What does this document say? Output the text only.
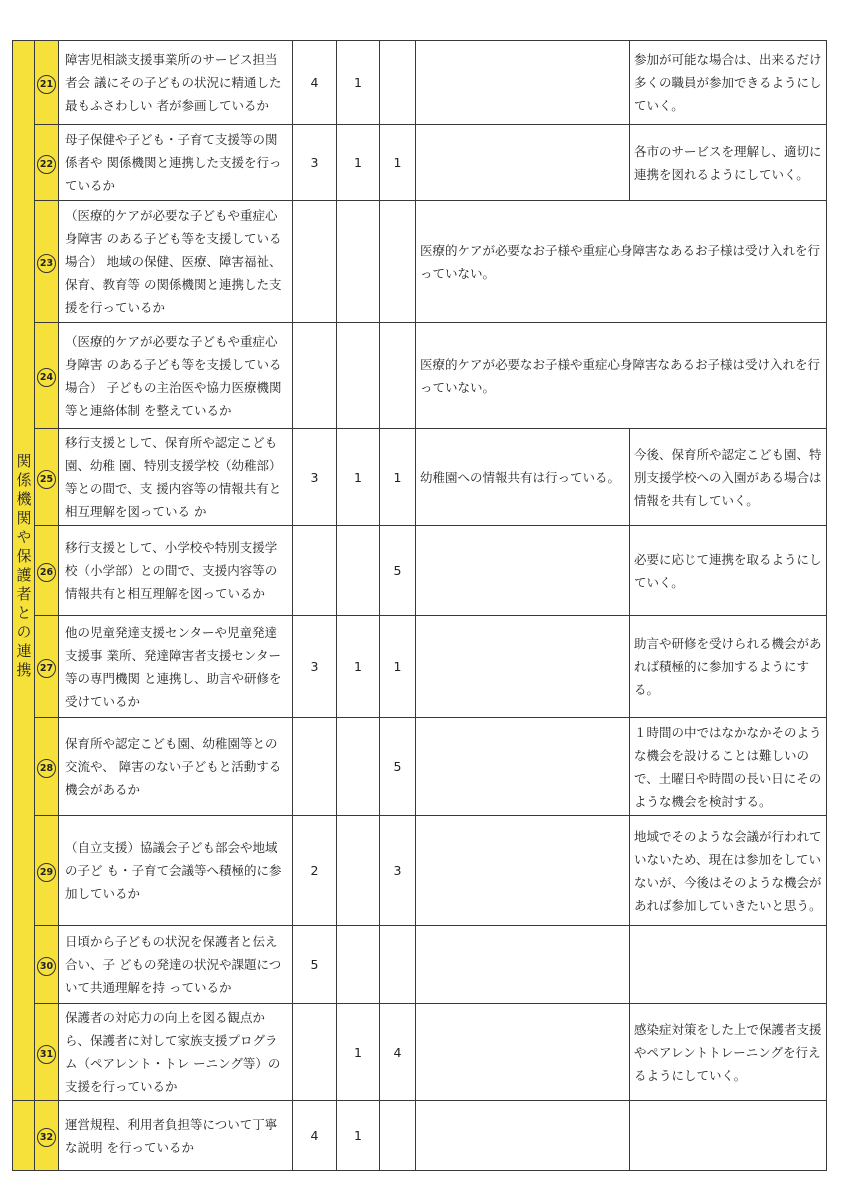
関係機関や保護者との連携	21	障害児相談支援事業所のサービス担当者会 議にその子どもの状況に精通した最もふさわしい 者が参画しているか	4	1			参加が可能な場合は、出来るだけ多くの職員が参加できるようにしていく。
	22	母子保健や子ども・子育て支援等の関係者や 関係機関と連携した支援を行っているか	3	1	1		各市のサービスを理解し、適切に連携を図れるようにしていく。
	23	（医療的ケアが必要な子どもや重症心身障害 のある子ども等を支援している場合） 地域の保健、医療、障害福祉、保育、教育等 の関係機関と連携した支援を行っているか				医療的ケアが必要なお子様や重症心身障害なあるお子様は受け入れを行っていない。	
	24	（医療的ケアが必要な子どもや重症心身障害 のある子ども等を支援している場合） 子どもの主治医や協力医療機関等と連絡体制 を整えているか				医療的ケアが必要なお子様や重症心身障害なあるお子様は受け入れを行っていない。	
	25	移行支援として、保育所や認定こども園、幼稚 園、特別支援学校（幼稚部）等との間で、支 援内容等の情報共有と相互理解を図っている か	3	1	1	幼稚園への情報共有は行っている。	今後、保育所や認定こども園、特別支援学校への入園がある場合は情報を共有していく。
	26	移行支援として、小学校や特別支援学校（小学部）との間で、支援内容等の情報共有と相互理解を図っているか			5		必要に応じて連携を取るようにしていく。
	27	他の児童発達支援センターや児童発達支援事 業所、発達障害者支援センター等の専門機関 と連携し、助言や研修を受けているか	3	1	1		助言や研修を受けられる機会があれば積極的に参加するようにする。
	28	保育所や認定こども園、幼稚園等との交流や、 障害のない子どもと活動する機会があるか			5		１時間の中ではなかなかそのような機会を設けることは難しいので、土曜日や時間の長い日にそのような機会を検討する。
	29	（自立支援）協議会子ども部会や地域の子ど も・子育て会議等へ積極的に参加しているか	2		3		地域でそのような会議が行われていないため、現在は参加をしていないが、今後はそのような機会があれば参加していきたいと思う。
	30	日頃から子どもの状況を保護者と伝え合い、子 どもの発達の状況や課題について共通理解を持 っているか	5				
	31	保護者の対応力の向上を図る観点から、保護者に対して家族支援プログラム（ペアレント・トレ ーニング等）の支援を行っているか		1	4		感染症対策をした上で保護者支援やペアレントトレーニングを行えるようにしていく。
	32	運営規程、利用者負担等について丁寧な説明 を行っているか	4	1			
